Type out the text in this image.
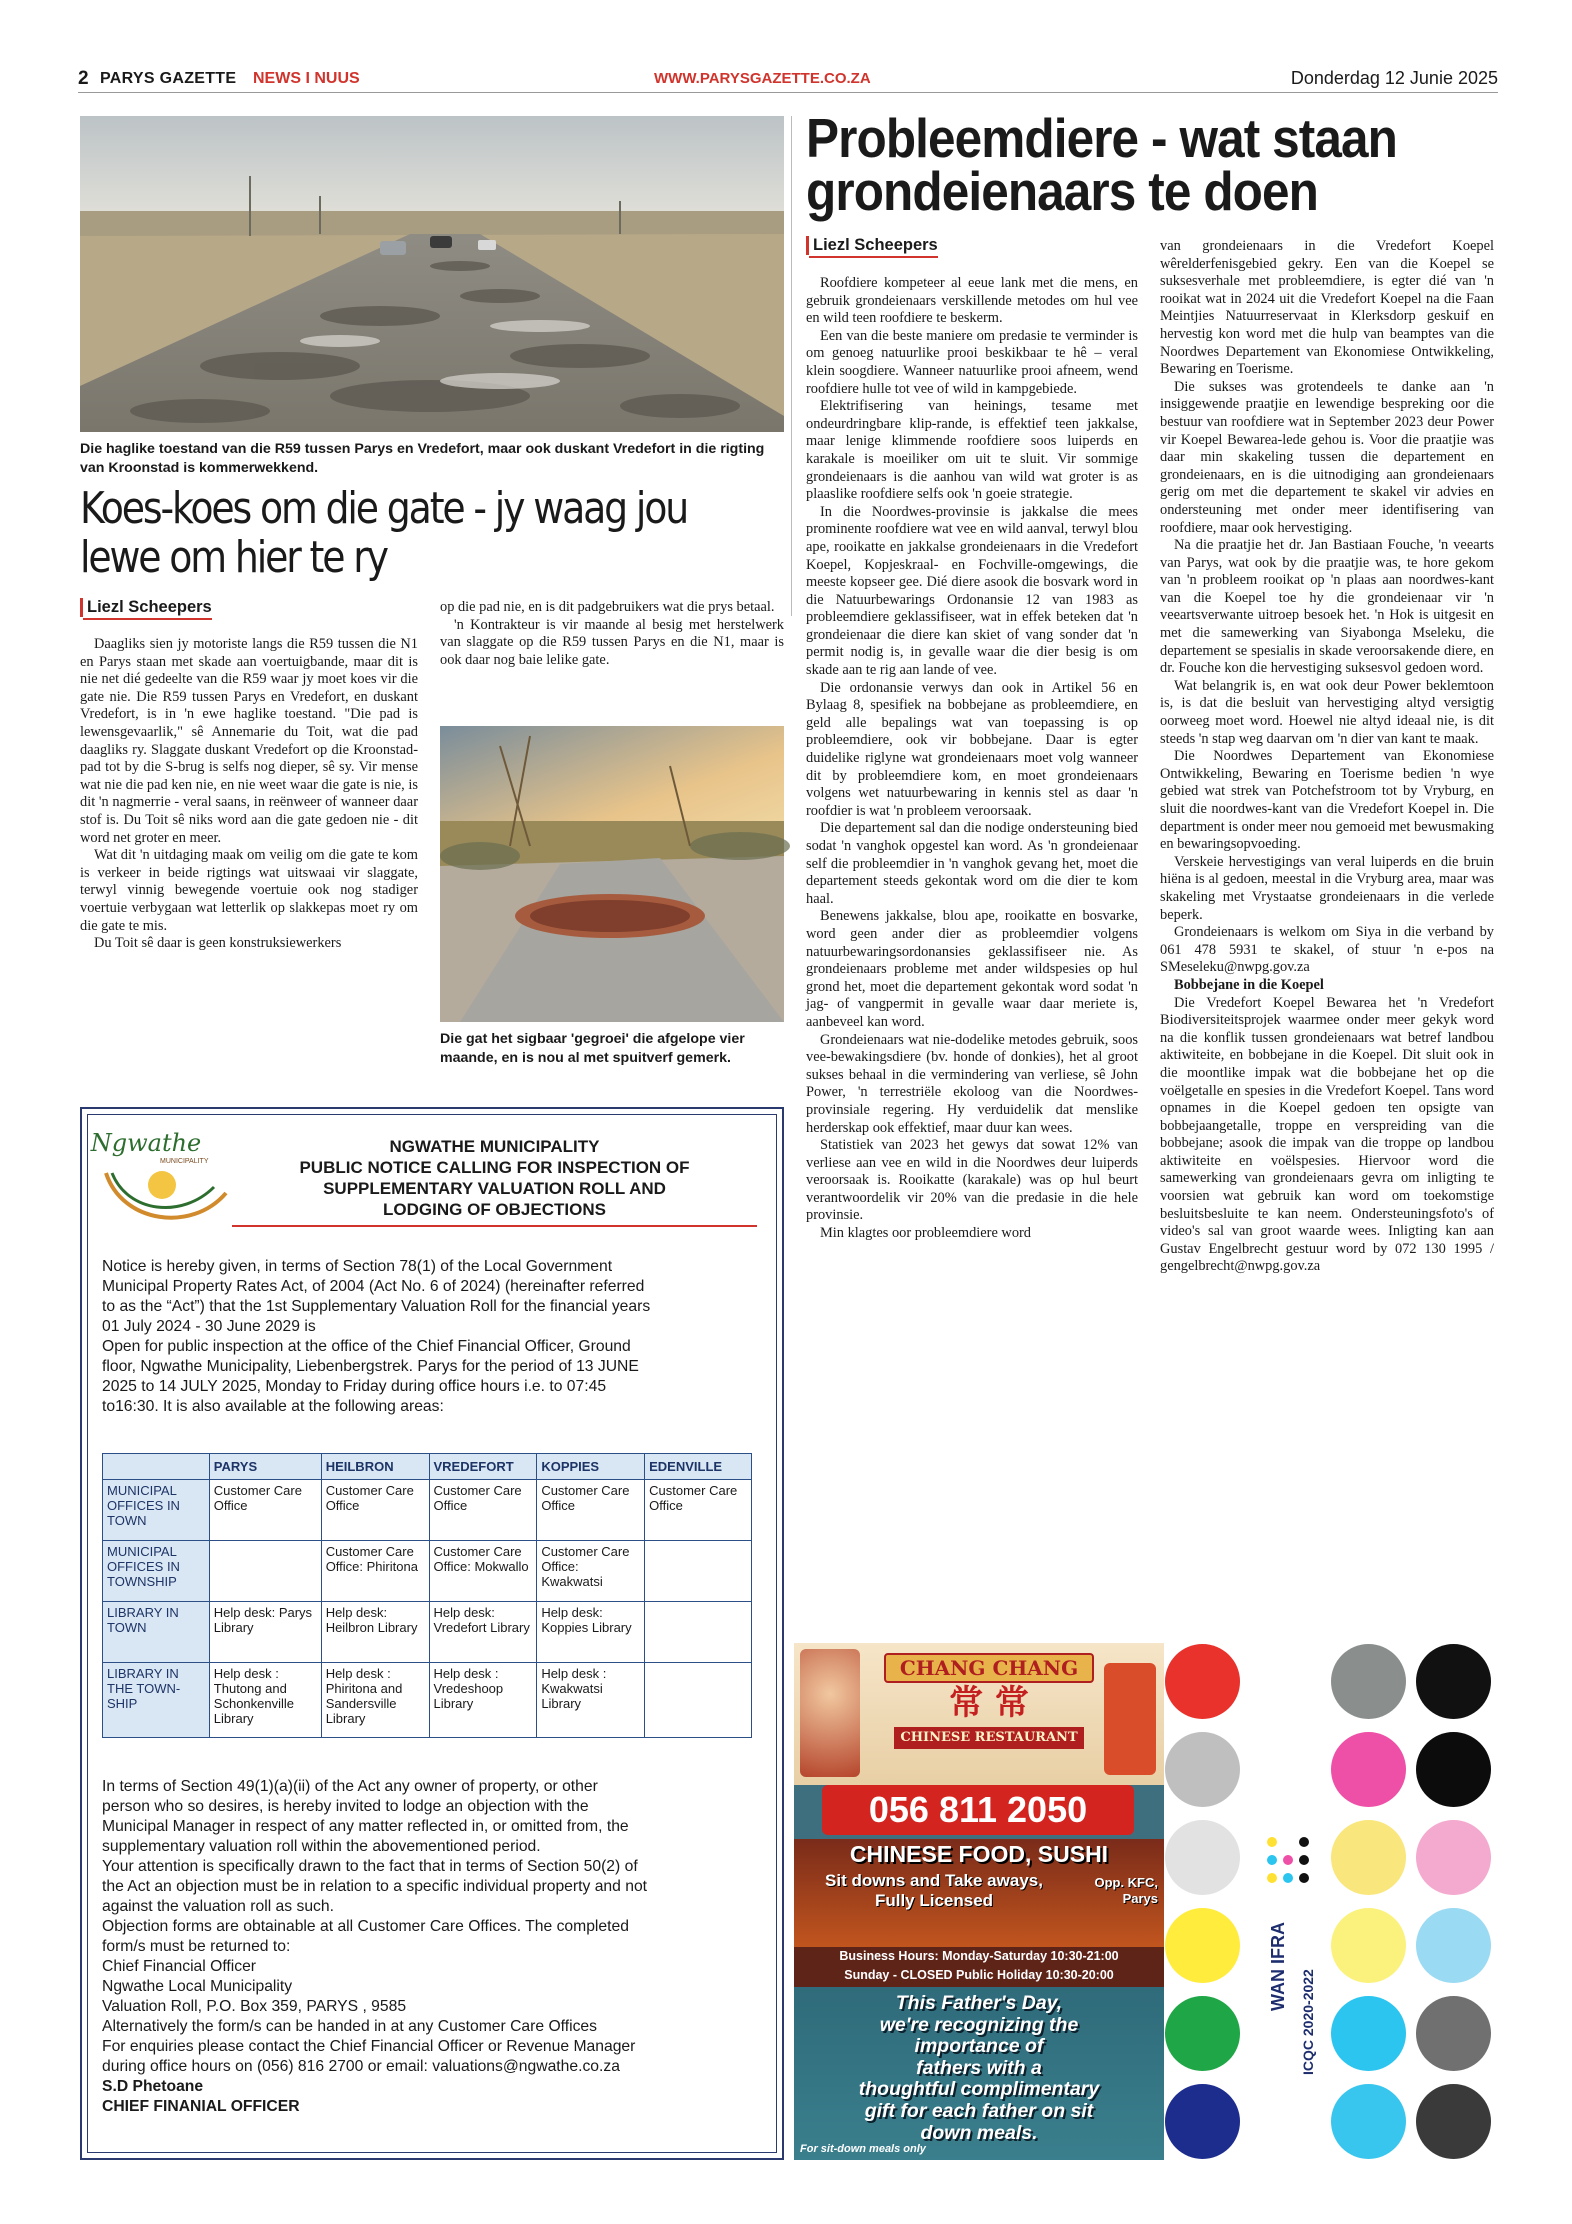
2 PARYS GAZETTE NEWS I NUUS	WWW.PARYSGAZETTE.CO.ZA	Donderdag 12 Junie 2025
Die haglike toestand van die R59 tussen Parys en Vredefort, maar ook duskant Vredefort in die rigting van Kroonstad is kommerwekkend.
Koes-koes om die gate - jy waag jou
lewe om hier te ry
Liezl Scheepers

Daagliks sien jy motoriste langs die R59 tussen die N1 en Parys staan met skade aan voertuigbande, maar dit is nie net dié gedeelte van die R59 waar jy moet koes vir die gate nie. Die R59 tussen Parys en Vredefort, en duskant Vredefort, is in 'n ewe haglike toestand. "Die pad is lewensgevaarlik," sê Annemarie du Toit, wat die pad daagliks ry. Slaggate duskant Vredefort op die Kroonstad-pad tot by die S-brug is selfs nog dieper, sê sy. Vir mense wat nie die pad ken nie, en nie weet waar die gate is nie, is dit 'n nagmerrie - veral saans, in reënweer of wanneer daar stof is. Du Toit sê niks word aan die gate gedoen nie - dit word net groter en meer.

Wat dit 'n uitdaging maak om veilig om die gate te kom is verkeer in beide rigtings wat uitswaai vir slaggate, terwyl vinnig bewegende voertuie ook nog stadiger voertuie verbygaan wat letterlik op slakkepas moet ry om die gate te mis.

Du Toit sê daar is geen konstruksiewerkers

op die pad nie, en is dit padgebruikers wat die prys betaal.

'n Kontrakteur is vir maande al besig met herstelwerk van slaggate op die R59 tussen Parys en die N1, maar is ook daar nog baie lelike gate.

Die gat het sigbaar 'gegroei' die afgelope vier maande, en is nou al met spuitverf gemerk.
Ngwathe
MUNICIPALITY
NGWATHE MUNICIPALITY
PUBLIC NOTICE CALLING FOR INSPECTION OF
SUPPLEMENTARY VALUATION ROLL AND
LODGING OF OBJECTIONS
Notice is hereby given, in terms of Section 78(1) of the Local Government
Municipal Property Rates Act, of 2004 (Act No. 6 of 2024) (hereinafter referred
to as the “Act”) that the 1st Supplementary Valuation Roll for the financial years
01 July 2024 - 30 June 2029 is
Open for public inspection at the office of the Chief Financial Officer, Ground
floor, Ngwathe Municipality, Liebenbergstrek. Parys for the period of 13 JUNE
2025 to 14 JULY 2025, Monday to Friday during office hours i.e. to 07:45
to16:30. It is also available at the following areas:
	PARYS	HEILBRON	VREDEFORT	KOPPIES	EDENVILLE
MUNICIPAL OFFICES IN TOWN	Customer Care Office	Customer Care Office	Customer Care Office	Customer Care Office	Customer Care Office
MUNICIPAL OFFICES IN TOWNSHIP		Customer Care Office: Phiritona	Customer Care Office: Mokwallo	Customer Care Office: Kwakwatsi	
LIBRARY IN TOWN	Help desk: Parys Library	Help desk: Heilbron Library	Help desk: Vredefort Library	Help desk: Koppies Library	
LIBRARY IN THE TOWN-SHIP	Help desk : Thutong and Schonkenville Library	Help desk : Phiritona and Sandersville Library	Help desk : Vredeshoop Library	Help desk : Kwakwatsi Library	
In terms of Section 49(1)(a)(ii) of the Act any owner of property, or other
person who so desires, is hereby invited to lodge an objection with the
Municipal Manager in respect of any matter reflected in, or omitted from, the
supplementary valuation roll within the abovementioned period.
Your attention is specifically drawn to the fact that in terms of Section 50(2) of
the Act an objection must be in relation to a specific individual property and not
against the valuation roll as such.
Objection forms are obtainable at all Customer Care Offices. The completed
form/s must be returned to:
Chief Financial Officer
Ngwathe Local Municipality
Valuation Roll, P.O. Box 359, PARYS , 9585
Alternatively the form/s can be handed in at any Customer Care Offices
For enquiries please contact the Chief Financial Officer or Revenue Manager
during office hours on (056) 816 2700 or email: valuations@ngwathe.co.za
S.D Phetoane
CHIEF FINANIAL OFFICER
Probleemdiere - wat staan
grondeienaars te doen
Liezl Scheepers

Roofdiere kompeteer al eeue lank met die mens, en gebruik grondeienaars verskillende metodes om hul vee en wild teen roofdiere te beskerm.

Een van die beste maniere om predasie te verminder is om genoeg natuurlike prooi beskikbaar te hê – veral klein soogdiere. Wanneer natuurlike prooi afneem, wend roofdiere hulle tot vee of wild in kampgebiede.

Elektrifisering van heinings, tesame met ondeurdringbare klip-rande, is effektief teen jakkalse, maar lenige klimmende roofdiere soos luiperds en karakale is moeiliker om uit te sluit. Vir sommige grondeienaars is die aanhou van wild wat groter is as plaaslike roofdiere selfs ook 'n goeie strategie.

In die Noordwes-provinsie is jakkalse die mees prominente roofdiere wat vee en wild aanval, terwyl blou ape, rooikatte en jakkalse grondeienaars in die Vredefort Koepel, Kopjeskraal- en Fochville-omgewings, die meeste kopseer gee. Dié diere asook die bosvark word in die Natuurbewarings Ordonansie 12 van 1983 as probleemdiere geklassifiseer, wat in effek beteken dat 'n grondeienaar die diere kan skiet of vang sonder dat 'n permit nodig is, in gevalle waar die dier besig is om skade aan te rig aan lande of vee.

Die ordonansie verwys dan ook in Artikel 56 en Bylaag 8, spesifiek na bobbejane as probleemdiere, en geld alle bepalings wat van toepassing is op probleemdiere, ook vir bobbejane. Daar is egter duidelike riglyne wat grondeienaars moet volg wanneer dit by probleemdiere kom, en moet grondeienaars volgens wet natuurbewaring in kennis stel as daar 'n roofdier is wat 'n probleem veroorsaak.

Die departement sal dan die nodige ondersteuning bied sodat 'n vanghok opgestel kan word. As 'n grondeienaar self die probleemdier in 'n vanghok gevang het, moet die departement steeds gekontak word om die dier te kom haal.

Benewens jakkalse, blou ape, rooikatte en bosvarke, word geen ander dier as probleemdier volgens natuurbewaringsordonansies geklassifiseer nie. As grondeienaars probleme met ander wildspesies op hul grond het, moet die departement gekontak word sodat 'n jag- of vangpermit in gevalle waar daar meriete is, aanbeveel kan word.

Grondeienaars wat nie-dodelike metodes gebruik, soos vee-bewakingsdiere (bv. honde of donkies), het al groot sukses behaal in die vermindering van verliese, sê John Power, 'n terrestriële ekoloog van die Noordwes-provinsiale regering. Hy verduidelik dat menslike herderskap ook effektief, maar duur kan wees.

Statistiek van 2023 het gewys dat sowat 12% van verliese aan vee en wild in die Noordwes deur luiperds veroorsaak is. Rooikatte (karakale) was op hul beurt verantwoordelik vir 20% van die predasie in die hele provinsie.

Min klagtes oor probleemdiere word

van grondeienaars in die Vredefort Koepel wêrelderfenisgebied gekry. Een van die Koepel se suksesverhale met probleemdiere, is egter dié van 'n rooikat wat in 2024 uit die Vredefort Koepel na die Faan Meintjies Natuurreservaat in Klerksdorp geskuif en hervestig kon word met die hulp van beamptes van die Noordwes Departement van Ekonomiese Ontwikkeling, Bewaring en Toerisme.

Die sukses was grotendeels te danke aan 'n insiggewende praatjie en lewendige bespreking oor die bestuur van roofdiere wat in September 2023 deur Power vir Koepel Bewarea-lede gehou is. Voor die praatjie was daar min skakeling tussen die departement en grondeienaars, en is die uitnodiging aan grondeienaars gerig om met die departement te skakel vir advies en ondersteuning met onder meer identifisering van roofdiere, maar ook hervestiging.

Na die praatjie het dr. Jan Bastiaan Fouche, 'n veearts van Parys, wat ook by die praatjie was, te hore gekom van 'n probleem rooikat op 'n plaas aan noordwes-kant van die Koepel toe hy die grondeienaar vir 'n veeartsverwante uitroep besoek het. 'n Hok is uitgesit en met die samewerking van Siyabonga Mseleku, die departement se spesialis in skade veroorsakende diere, en dr. Fouche kon die hervestiging suksesvol gedoen word.

Wat belangrik is, en wat ook deur Power beklemtoon is, is dat die besluit van hervestiging altyd versigtig oorweeg moet word. Hoewel nie altyd ideaal nie, is dit steeds 'n stap weg daarvan om 'n dier van kant te maak.

Die Noordwes Departement van Ekonomiese Ontwikkeling, Bewaring en Toerisme bedien 'n wye gebied wat strek van Potchefstroom tot by Vryburg, en sluit die noordwes-kant van die Vredefort Koepel in. Die department is onder meer nou gemoeid met bewusmaking en bewaringsopvoeding.

Verskeie hervestigings van veral luiperds en die bruin hiëna is al gedoen, meestal in die Vryburg area, maar was skakeling met Vrystaatse grondeienaars in die verlede beperk.

Grondeienaars is welkom om Siya in die verband by 061 478 5931 te skakel, of stuur 'n e-pos na SMeseleku@nwpg.gov.za

Bobbejane in die Koepel

Die Vredefort Koepel Bewarea het 'n Vredefort Biodiversiteitsprojek waarmee onder meer gekyk word na die konflik tussen grondeienaars wat betref landbou aktiwiteite, en bobbejane in die Koepel. Dit sluit ook in die moontlike impak wat die bobbejane het op die voëlgetalle en spesies in die Vredefort Koepel. Tans word opnames in die Koepel gedoen ten opsigte van bobbejaangetalle, troppe en verspreiding van die bobbejane; asook die impak van die troppe op landbou aktiwiteite en voëlspesies. Hiervoor word die samewerking van grondeienaars gevra om inligting te voorsien wat gebruik kan word om toekomstige besluitsbesluite te kan neem. Ondersteuningsfoto's of video's sal van groot waarde wees. Inligting kan aan Gustav Engelbrecht gestuur word by 072 130 1995 / gengelbrecht@nwpg.gov.za

CHANG CHANG
常 常
CHINESE RESTAURANT
056 811 2050
CHINESE FOOD, SUSHI
Sit downs and Take aways,
Fully Licensed
Opp. KFC,
Parys
Business Hours: Monday-Saturday 10:30-21:00
Sunday - CLOSED Public Holiday 10:30-20:00
This Father's Day,
we're recognizing the
importance of
fathers with a
thoughtful complimentary
gift for each father on sit
down meals.
For sit-down meals only
WAN IFRA
ICQC 2020-2022
